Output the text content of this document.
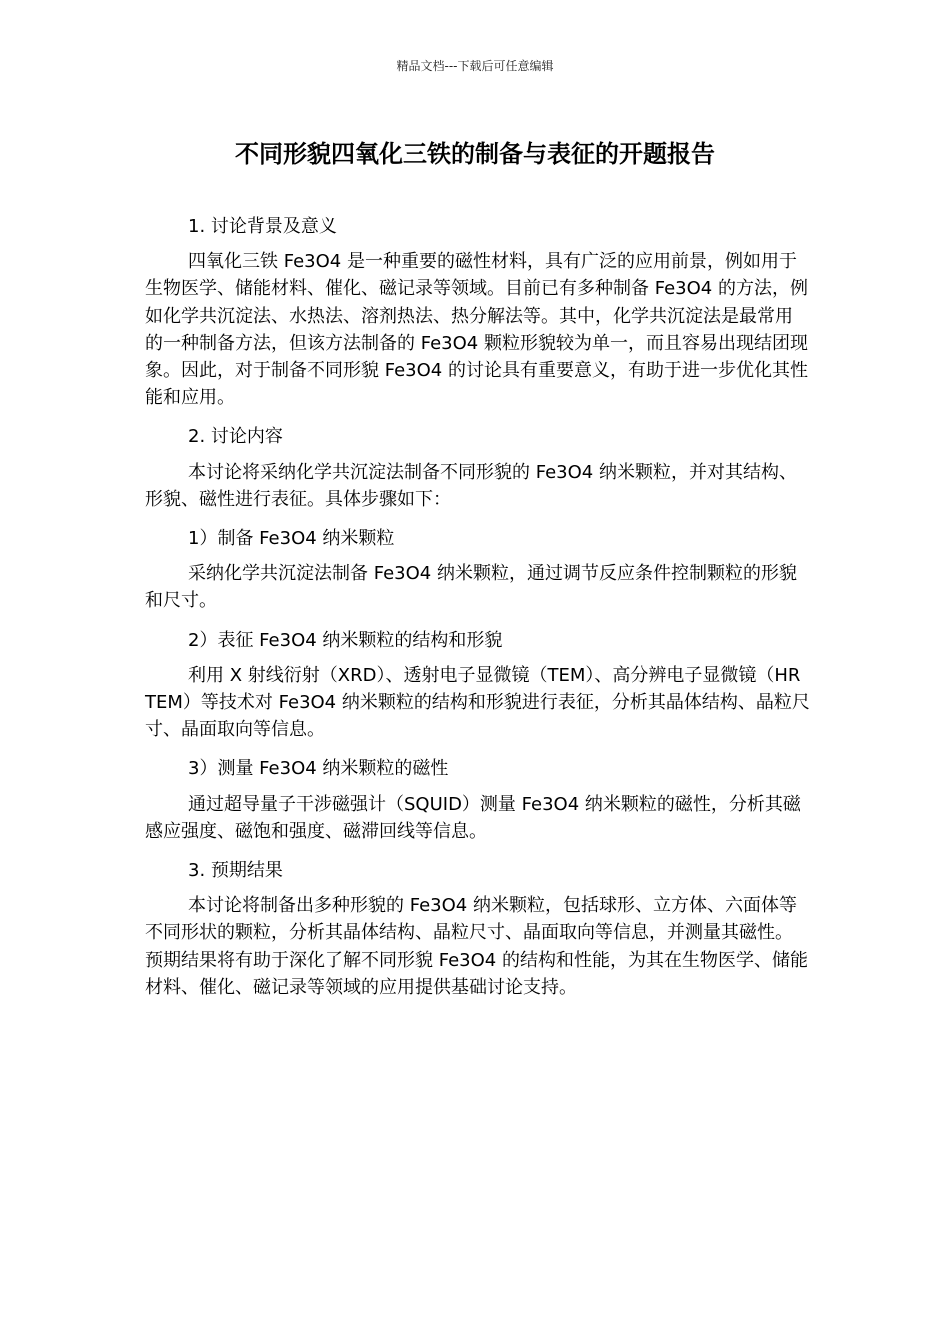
精品文档---下载后可任意编辑
不同形貌四氧化三铁的制备与表征的开题报告

1. 讨论背景及意义

四氧化三铁 Fe3O4 是一种重要的磁性材料，具有广泛的应用前景，例如用于生物医学、储能材料、催化、磁记录等领域。目前已有多种制备 Fe3O4 的方法，例如化学共沉淀法、水热法、溶剂热法、热分解法等。其中，化学共沉淀法是最常用的一种制备方法，但该方法制备的 Fe3O4 颗粒形貌较为单一，而且容易出现结团现象。因此，对于制备不同形貌 Fe3O4 的讨论具有重要意义，有助于进一步优化其性能和应用。

2. 讨论内容

本讨论将采纳化学共沉淀法制备不同形貌的 Fe3O4 纳米颗粒，并对其结构、形貌、磁性进行表征。具体步骤如下：

1）制备 Fe3O4 纳米颗粒

采纳化学共沉淀法制备 Fe3O4 纳米颗粒，通过调节反应条件控制颗粒的形貌和尺寸。

2）表征 Fe3O4 纳米颗粒的结构和形貌

利用 X 射线衍射（XRD）、透射电子显微镜（TEM）、高分辨电子显微镜（HRTEM）等技术对 Fe3O4 纳米颗粒的结构和形貌进行表征，分析其晶体结构、晶粒尺寸、晶面取向等信息。

3）测量 Fe3O4 纳米颗粒的磁性

通过超导量子干涉磁强计（SQUID）测量 Fe3O4 纳米颗粒的磁性，分析其磁感应强度、磁饱和强度、磁滞回线等信息。

3. 预期结果

本讨论将制备出多种形貌的 Fe3O4 纳米颗粒，包括球形、立方体、六面体等不同形状的颗粒，分析其晶体结构、晶粒尺寸、晶面取向等信息，并测量其磁性。预期结果将有助于深化了解不同形貌 Fe3O4 的结构和性能，为其在生物医学、储能材料、催化、磁记录等领域的应用提供基础讨论支持。
